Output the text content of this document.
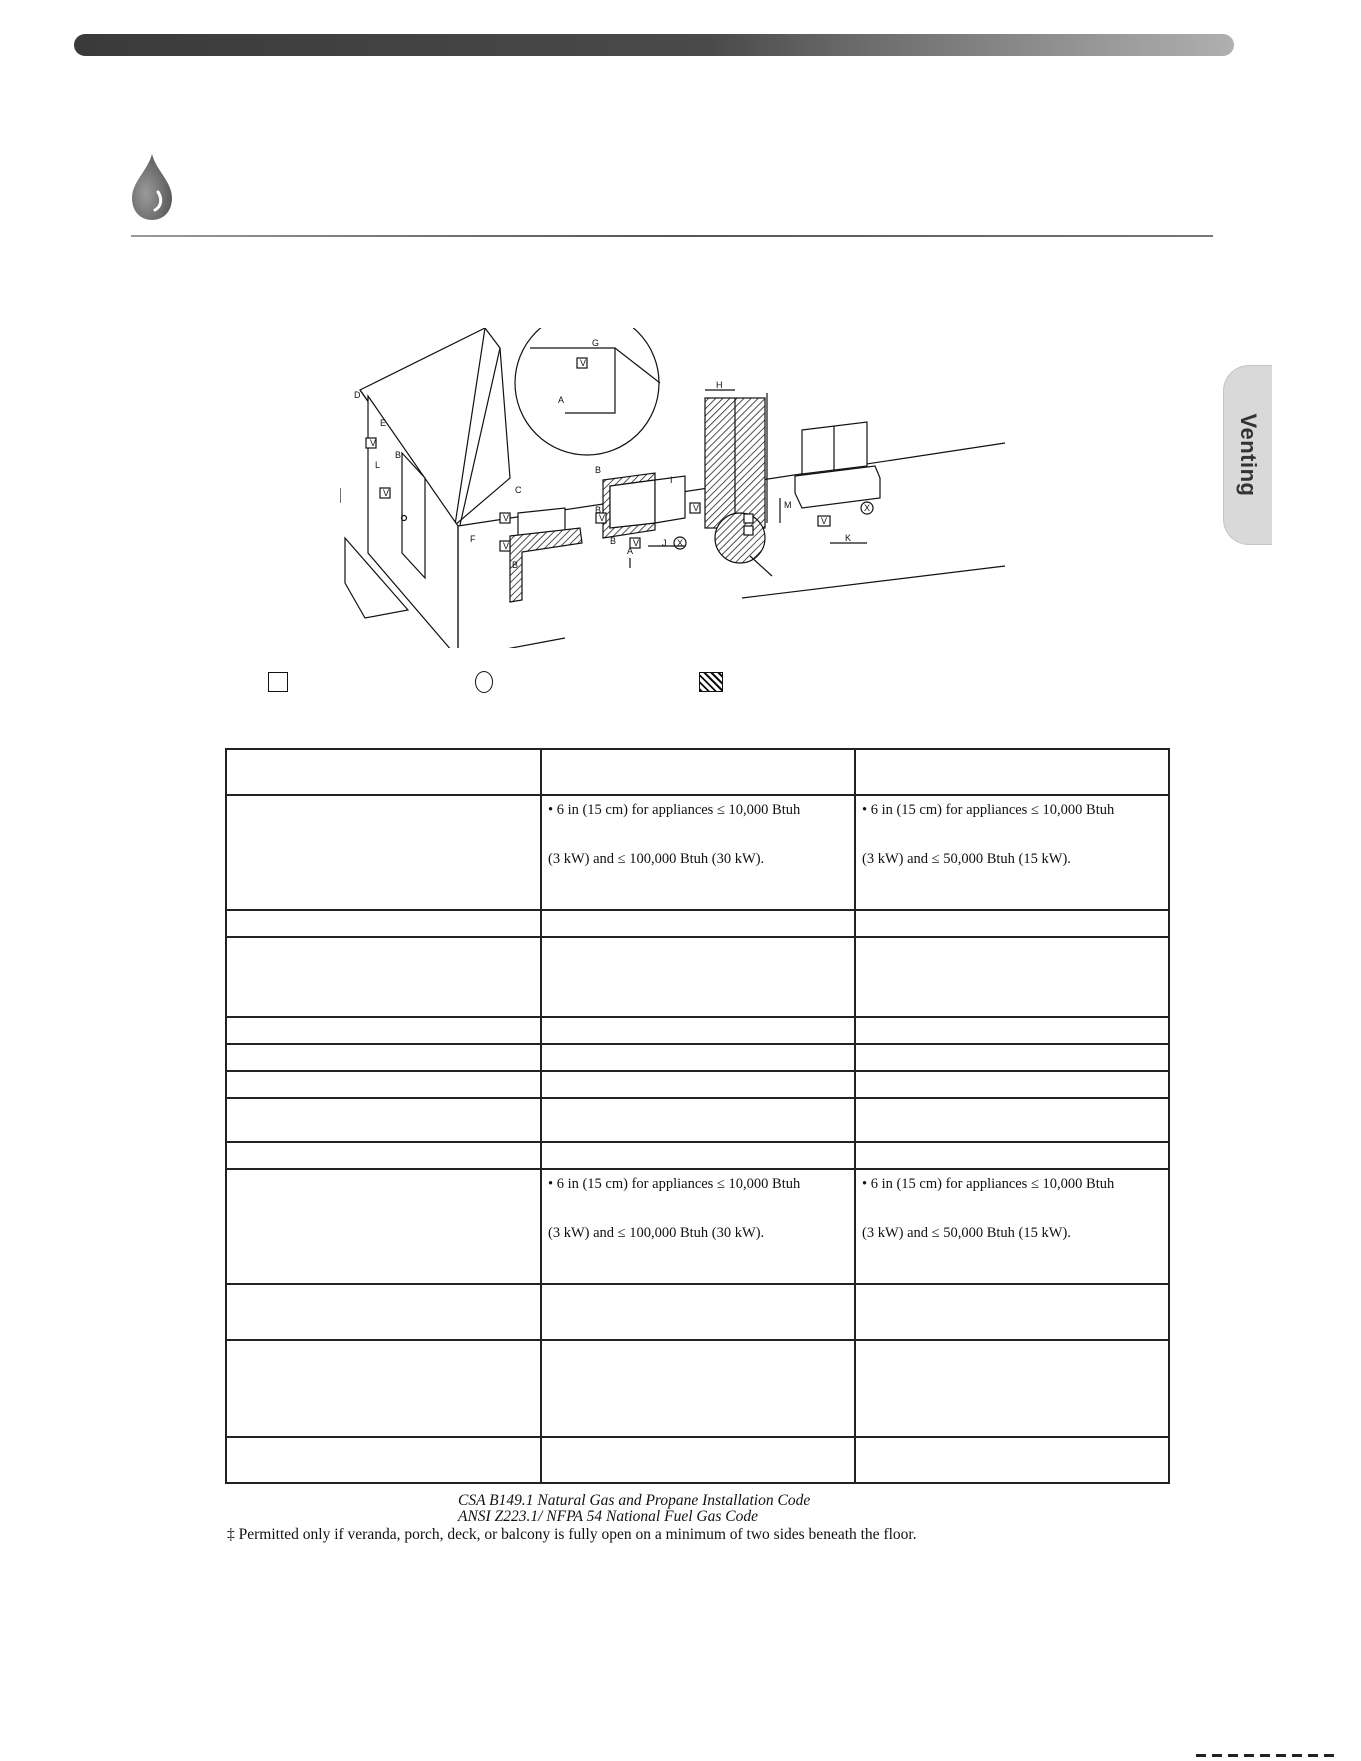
Venting
V
V
V
V
V
V
V
V
V
X
X
D
E
B
L
F
C
B
B
B
B
A
J
I
H
M
K
A
G

	• 6 in (15 cm) for appliances ≤ 10,000 Btuh
(3 kW) and ≤ 100,000 Btuh (30 kW).	• 6 in (15 cm) for appliances ≤ 10,000 Btuh
(3 kW) and ≤ 50,000 Btuh (15 kW).

	• 6 in (15 cm) for appliances ≤ 10,000 Btuh
(3 kW) and ≤ 100,000 Btuh (30 kW).	• 6 in (15 cm) for appliances ≤ 10,000 Btuh
(3 kW) and ≤ 50,000 Btuh (15 kW).

CSA B149.1 Natural Gas and Propane Installation Code
ANSI Z223.1/ NFPA 54 National Fuel Gas Code
‡ Permitted only if veranda, porch, deck, or balcony is fully open on a minimum of two sides beneath the floor.
